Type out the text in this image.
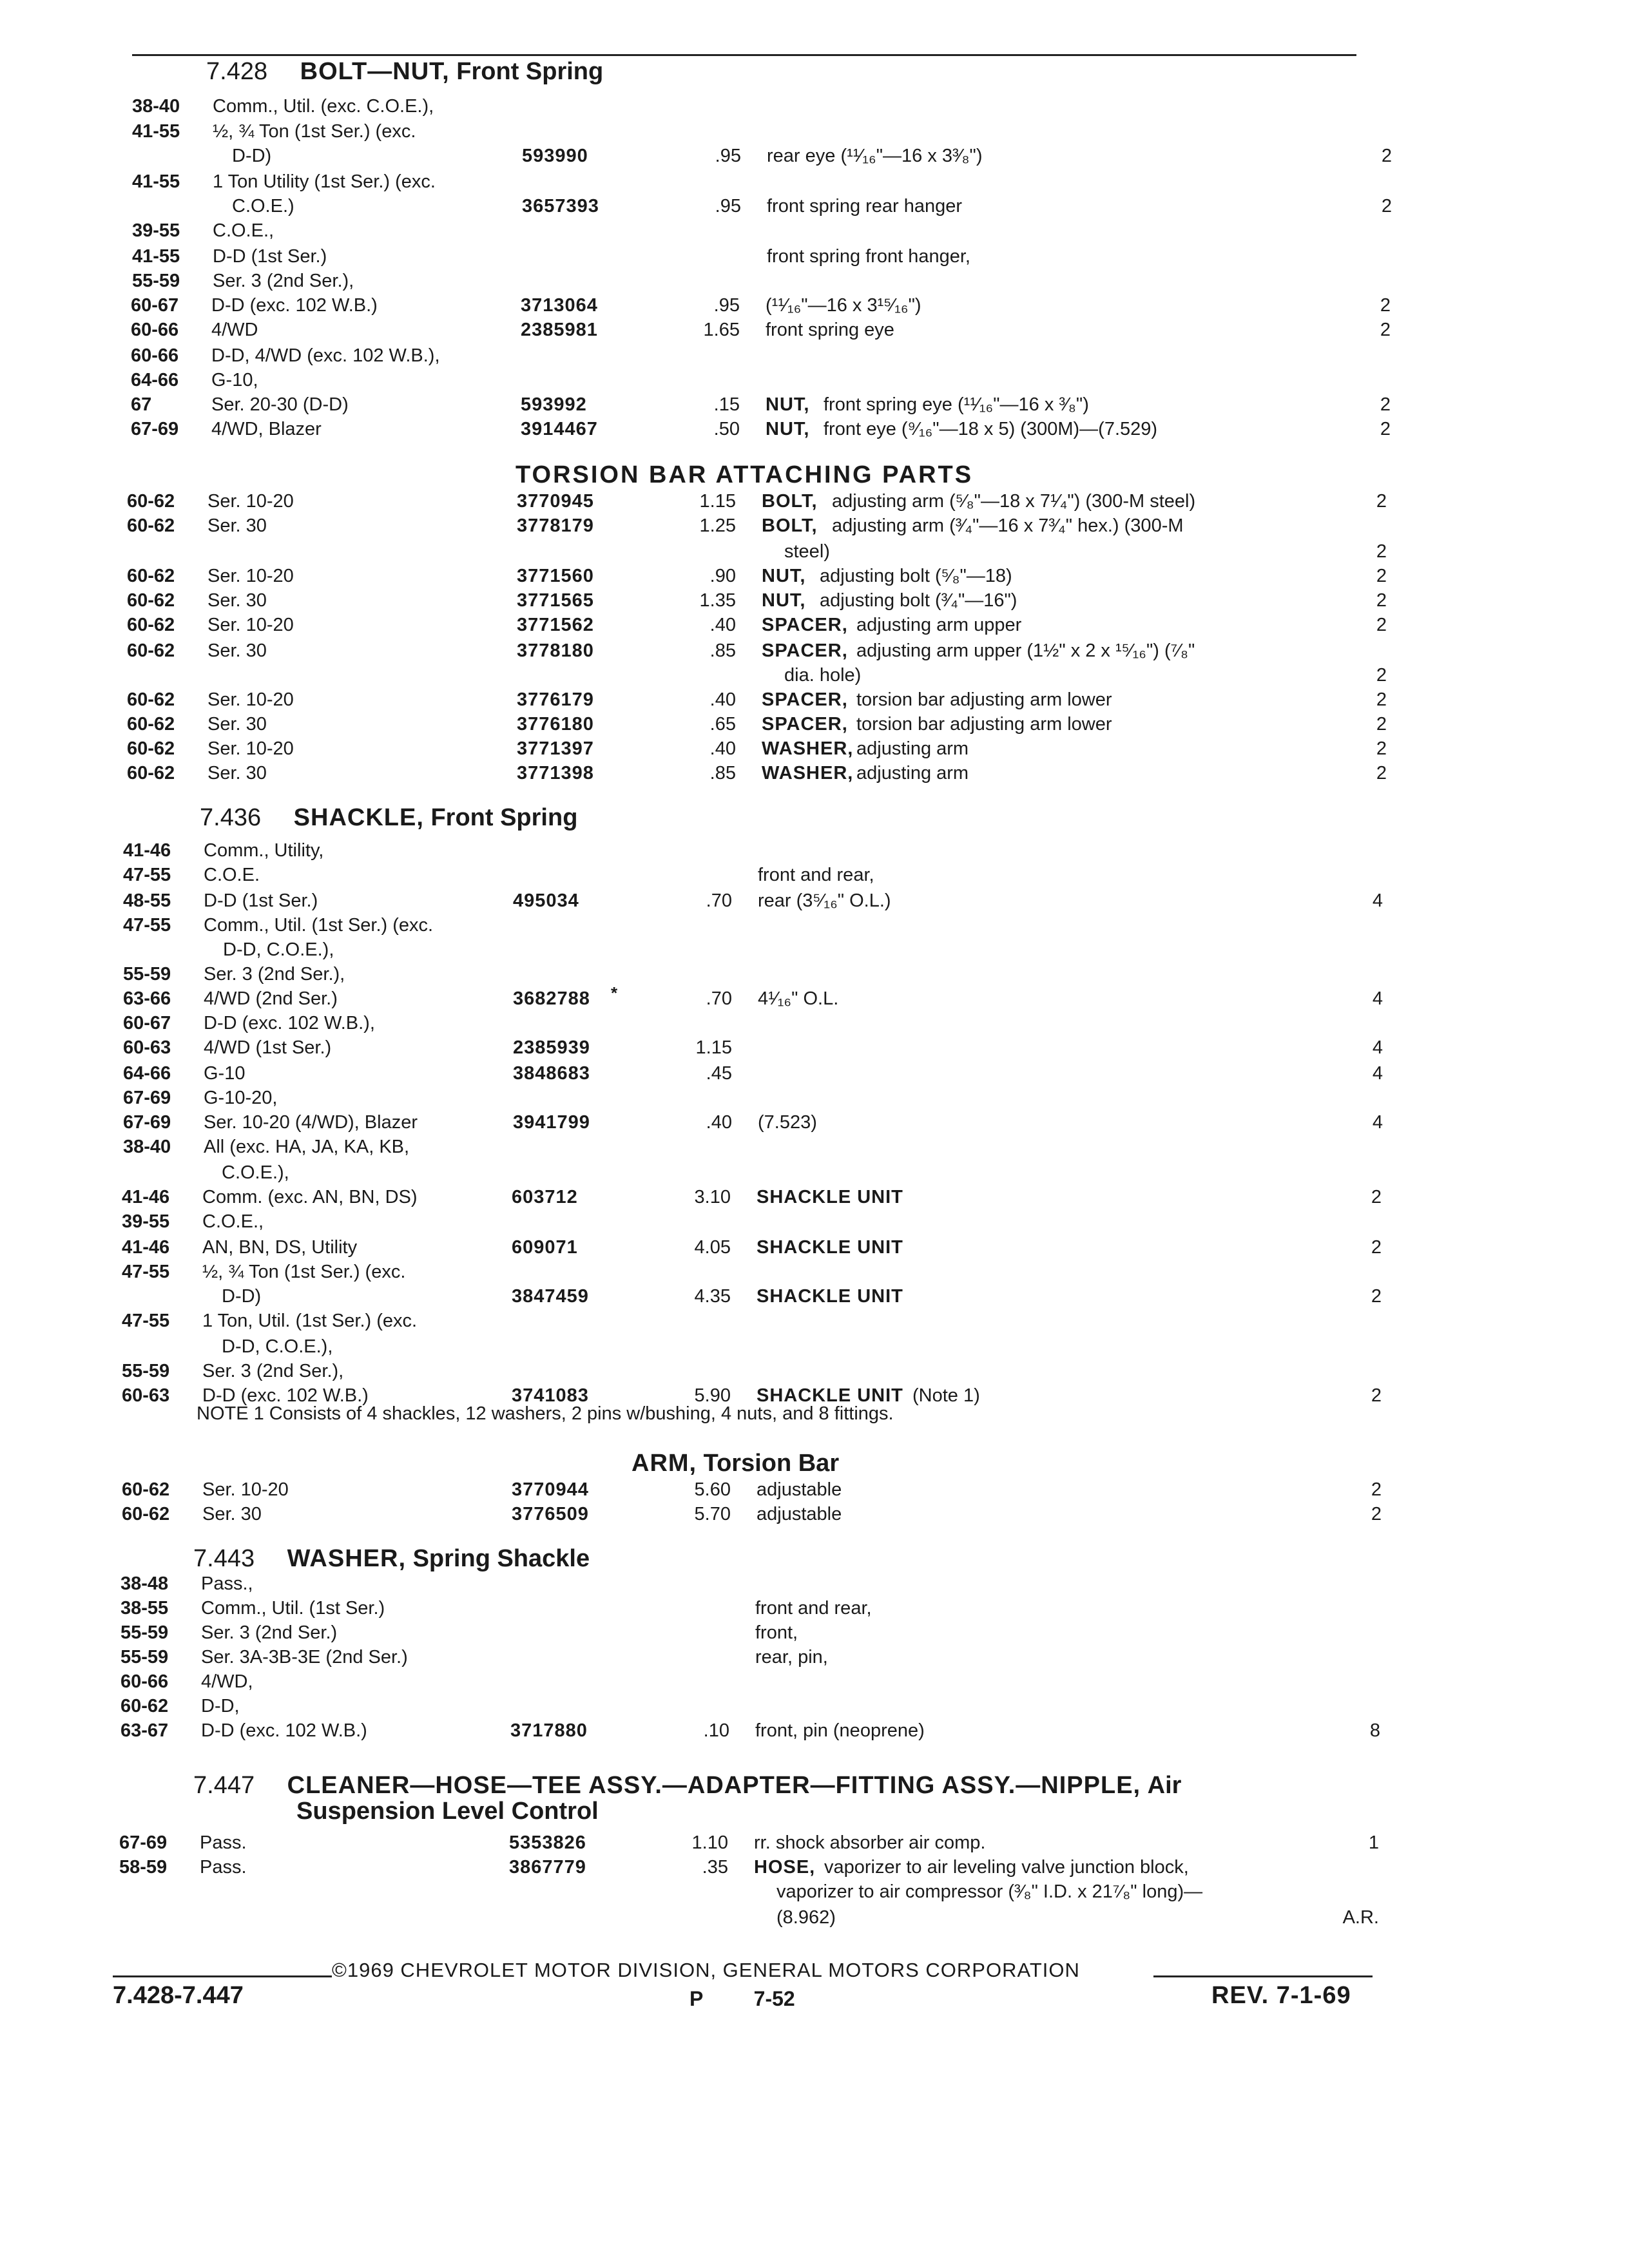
7.428 BOLT—NUT, Front Spring
TORSION BAR ATTACHING PARTS
7.436 SHACKLE, Front Spring
ARM, Torsion Bar
7.443 WASHER, Spring Shackle
7.447 CLEANER—HOSE—TEE ASSY.—ADAPTER—FITTING ASSY.—NIPPLE, Air
Suspension Level Control
38-40 Comm., Util. (exc. C.O.E.),
41-55 ½, ¾ Ton (1st Ser.) (exc.
D-D)	593990	.95 rear eye (¹¹⁄₁₆"—16 x 3³⁄₈")	2
41-55 1 Ton Utility (1st Ser.) (exc.
C.O.E.)	3657393	.95 front spring rear hanger	2
39-55 C.O.E.,
41-55 D-D (1st Ser.)	front spring front hanger,
55-59 Ser. 3 (2nd Ser.),
60-67 D-D (exc. 102 W.B.)	3713064	.95 (¹¹⁄₁₆"—16 x 3¹⁵⁄₁₆")	2
60-66 4/WD	2385981	1.65 front spring eye	2
60-66 D-D, 4/WD (exc. 102 W.B.),
64-66 G-10,
67	Ser. 20-30 (D-D)	593992	.15 NUT, front spring eye (¹¹⁄₁₆"—16 x ³⁄₈")	2
67-69 4/WD, Blazer	3914467	.50 NUT, front eye (⁹⁄₁₆"—18 x 5) (300M)—(7.529)	2
60-62 Ser. 10-20	3770945	1.15 BOLT, adjusting arm (⁵⁄₈"—18 x 7¹⁄₄") (300-M steel)	2
60-62 Ser. 30	3778179	1.25 BOLT, adjusting arm (³⁄₄"—16 x 7³⁄₄" hex.) (300-M
steel)	2
60-62 Ser. 10-20	3771560	.90 NUT, adjusting bolt (⁵⁄₈"—18)	2
60-62 Ser. 30	3771565	1.35 NUT, adjusting bolt (³⁄₄"—16")	2
60-62 Ser. 10-20	3771562	.40 SPACER, adjusting arm upper	2
60-62 Ser. 30	3778180	.85 SPACER, adjusting arm upper (1½" x 2 x ¹⁵⁄₁₆") (⁷⁄₈"
dia. hole)	2
60-62 Ser. 10-20	3776179	.40 SPACER, torsion bar adjusting arm lower	2
60-62 Ser. 30	3776180	.65 SPACER, torsion bar adjusting arm lower	2
60-62 Ser. 10-20	3771397	.40 WASHER, adjusting arm	2
60-62 Ser. 30	3771398	.85 WASHER, adjusting arm	2
41-46 Comm., Utility,
47-55 C.O.E.	front and rear,
48-55 D-D (1st Ser.)	495034	.70 rear (3⁵⁄₁₆" O.L.)	4
47-55 Comm., Util. (1st Ser.) (exc.
D-D, C.O.E.),
55-59 Ser. 3 (2nd Ser.),
63-66 4/WD (2nd Ser.)	3682788	.70 4¹⁄₁₆" O.L.	4
60-67 D-D (exc. 102 W.B.),
60-63 4/WD (1st Ser.)	2385939	1.15	4
64-66 G-10	3848683	.45	4
67-69 G-10-20,
67-69 Ser. 10-20 (4/WD), Blazer	3941799	.40 (7.523)	4
38-40 All (exc. HA, JA, KA, KB,
C.O.E.),
41-46 Comm. (exc. AN, BN, DS)	603712	3.10 SHACKLE UNIT	2
39-55 C.O.E.,
41-46 AN, BN, DS, Utility	609071	4.05 SHACKLE UNIT	2
47-55 ½, ¾ Ton (1st Ser.) (exc.
D-D)	3847459	4.35 SHACKLE UNIT	2
47-55 1 Ton, Util. (1st Ser.) (exc.
D-D, C.O.E.),
55-59 Ser. 3 (2nd Ser.),
60-63 D-D (exc. 102 W.B.)	3741083	5.90 SHACKLE UNIT (Note 1)	2
60-62 Ser. 10-20	3770944	5.60 adjustable	2
60-62 Ser. 30	3776509	5.70 adjustable	2
38-48 Pass.,
38-55 Comm., Util. (1st Ser.)	front and rear,
55-59 Ser. 3 (2nd Ser.)	front,
55-59 Ser. 3A-3B-3E (2nd Ser.)	rear, pin,
60-66 4/WD,
60-62 D-D,
63-67 D-D (exc. 102 W.B.)	3717880	.10 front, pin (neoprene)	8
67-69 Pass.	5353826	1.10 rr. shock absorber air comp.	1
58-59 Pass.	3867779	.35 HOSE, vaporizer to air leveling valve junction block,
vaporizer to air compressor (³⁄₈" I.D. x 21⁷⁄₈" long)—
(8.962)	A.R.
*
NOTE 1 Consists of 4 shackles, 12 washers, 2 pins w/bushing, 4 nuts, and 8 fittings.
©1969 CHEVROLET MOTOR DIVISION, GENERAL MOTORS CORPORATION
7.428-7.447	P 7-52	REV. 7-1-69
